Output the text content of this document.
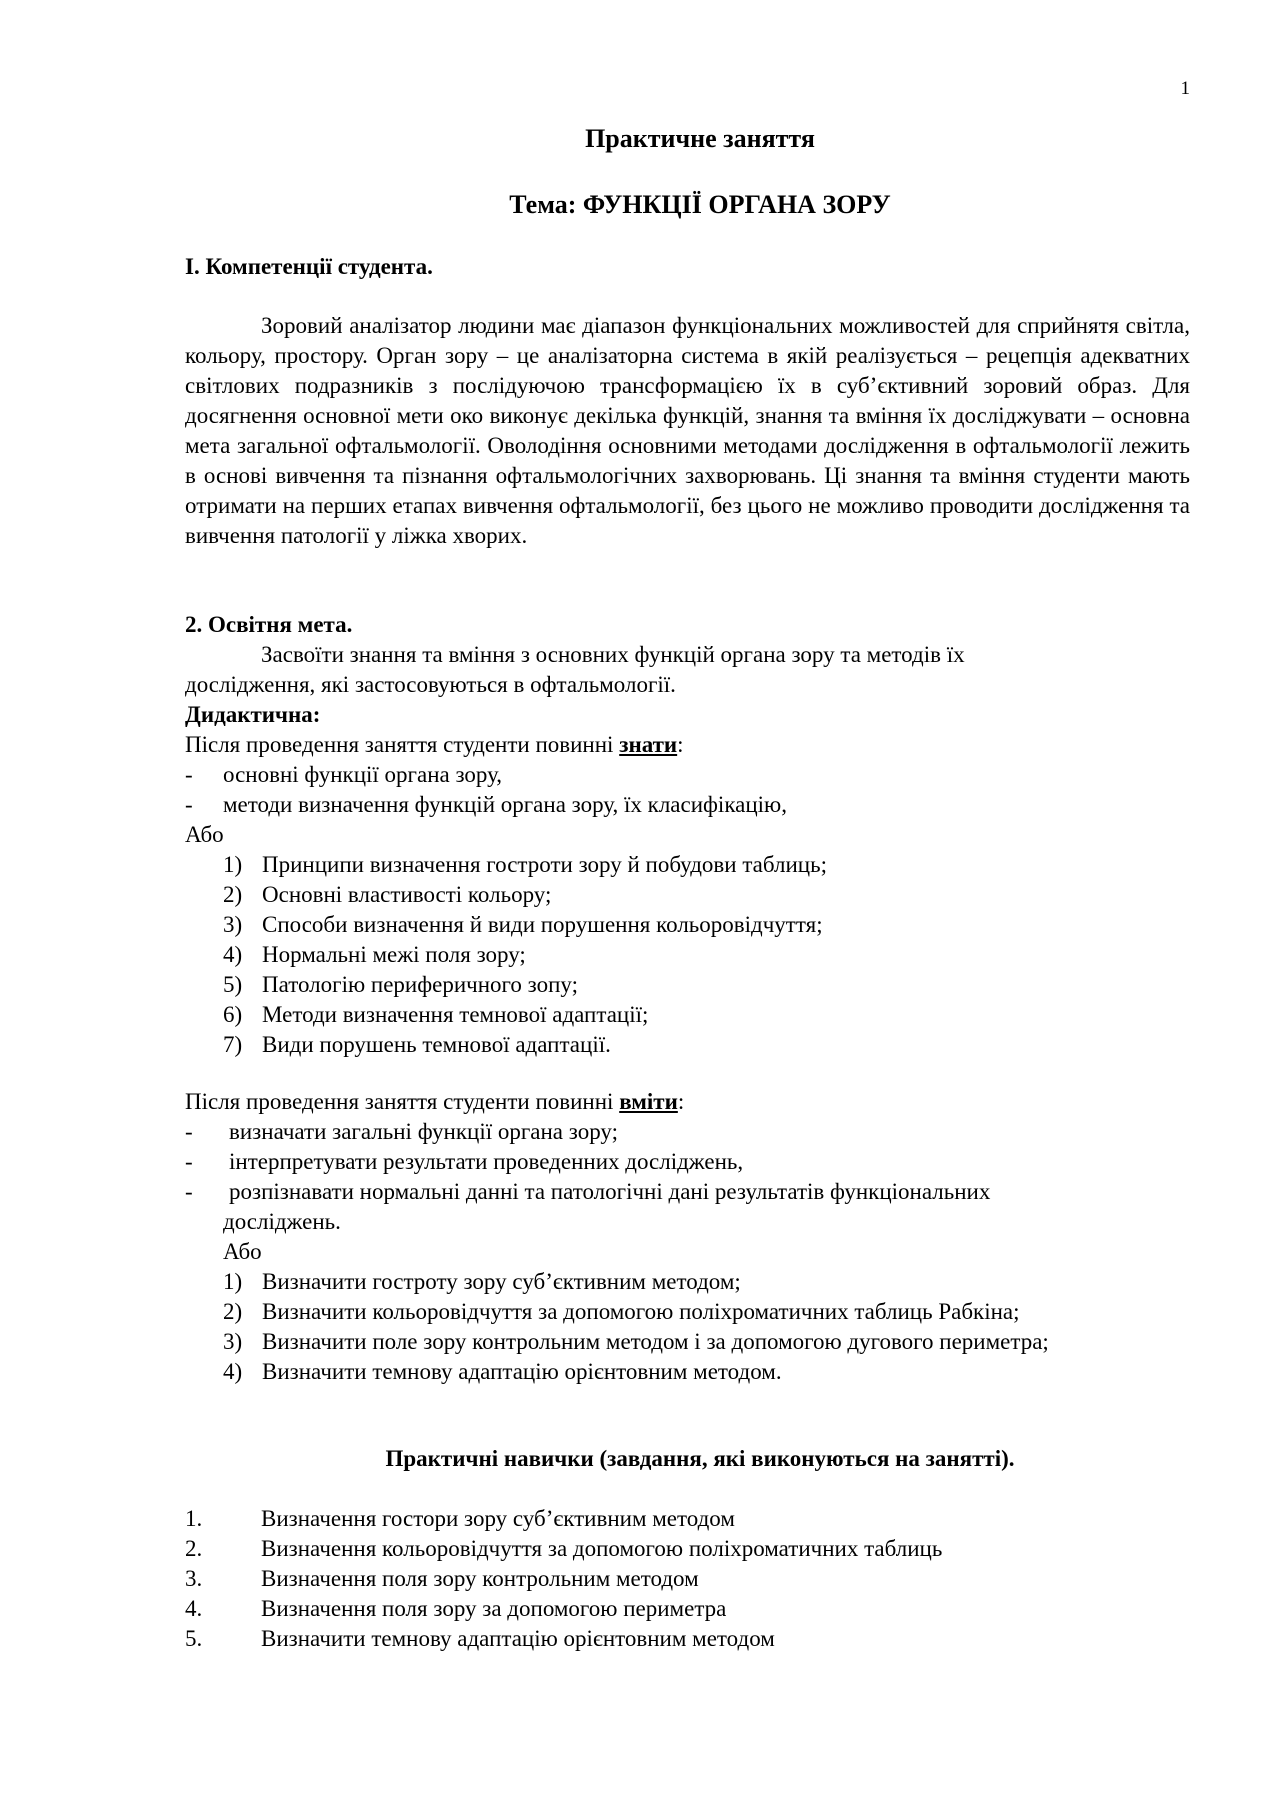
1
Практичне заняття
Тема: ФУНКЦІЇ ОРГАНА ЗОРУ
I. Компетенції студента.

Зоровий аналізатор людини має діапазон функціональних можливостей для сприйнятя світла, кольору, простору. Орган зору – це аналізаторна система в якій реалізується – рецепція адекватних світлових подразників з послідуючою трансформацією їх в суб’єктивний зоровий образ. Для досягнення основної мети око виконує декілька функцій, знання та вміння їх досліджувати – основна мета загальної офтальмології. Оволодіння основними методами дослідження в офтальмології лежить в основі вивчення та пізнання офтальмологічних захворювань. Ці знання та вміння студенти мають отримати на перших етапах вивчення офтальмології, без цього не можливо проводити дослідження та вивчення патології у ліжка хворих.

2. Освітня мета.
Засвоїти знання та вміння з основних функцій органа зору та методів їх
дослідження, які застосовуються в офтальмології.
Дидактична:
Після проведення заняття студенти повинні знати:
- основні функції органа зору,
- методи визначення функцій органа зору, їх класифікацію,
Або
1) Принципи визначення гостроти зору й побудови таблиць;
2) Основні властивості кольору;
3) Способи визначення й види порушення кольоровідчуття;
4) Нормальні межі поля зору;
5) Патологію периферичного зопу;
6) Методи визначення темнової адаптації;
7) Види порушень темнової адаптації.
Після проведення заняття студенти повинні вміти:
- визначати загальні функції органа зору;
- інтерпретувати результати проведенних досліджень,
- розпізнавати нормальні данні та патологічні дані результатів функціональних
досліджень.
Або
1) Визначити гостроту зору суб’єктивним методом;
2) Визначити кольоровідчуття за допомогою поліхроматичних таблиць Рабкіна;
3) Визначити поле зору контрольним методом і за допомогою дугового периметра;
4) Визначити темнову адаптацію орієнтовним методом.
Практичні навички (завдання, які виконуються на занятті).
1.	Визначення гостори зору суб’єктивним методом
2.	Визначення кольоровідчуття за допомогою поліхроматичних таблиць
3.	Визначення поля зору контрольним методом
4.	Визначення поля зору за допомогою периметра
5.	Визначити темнову адаптацію орієнтовним методом
